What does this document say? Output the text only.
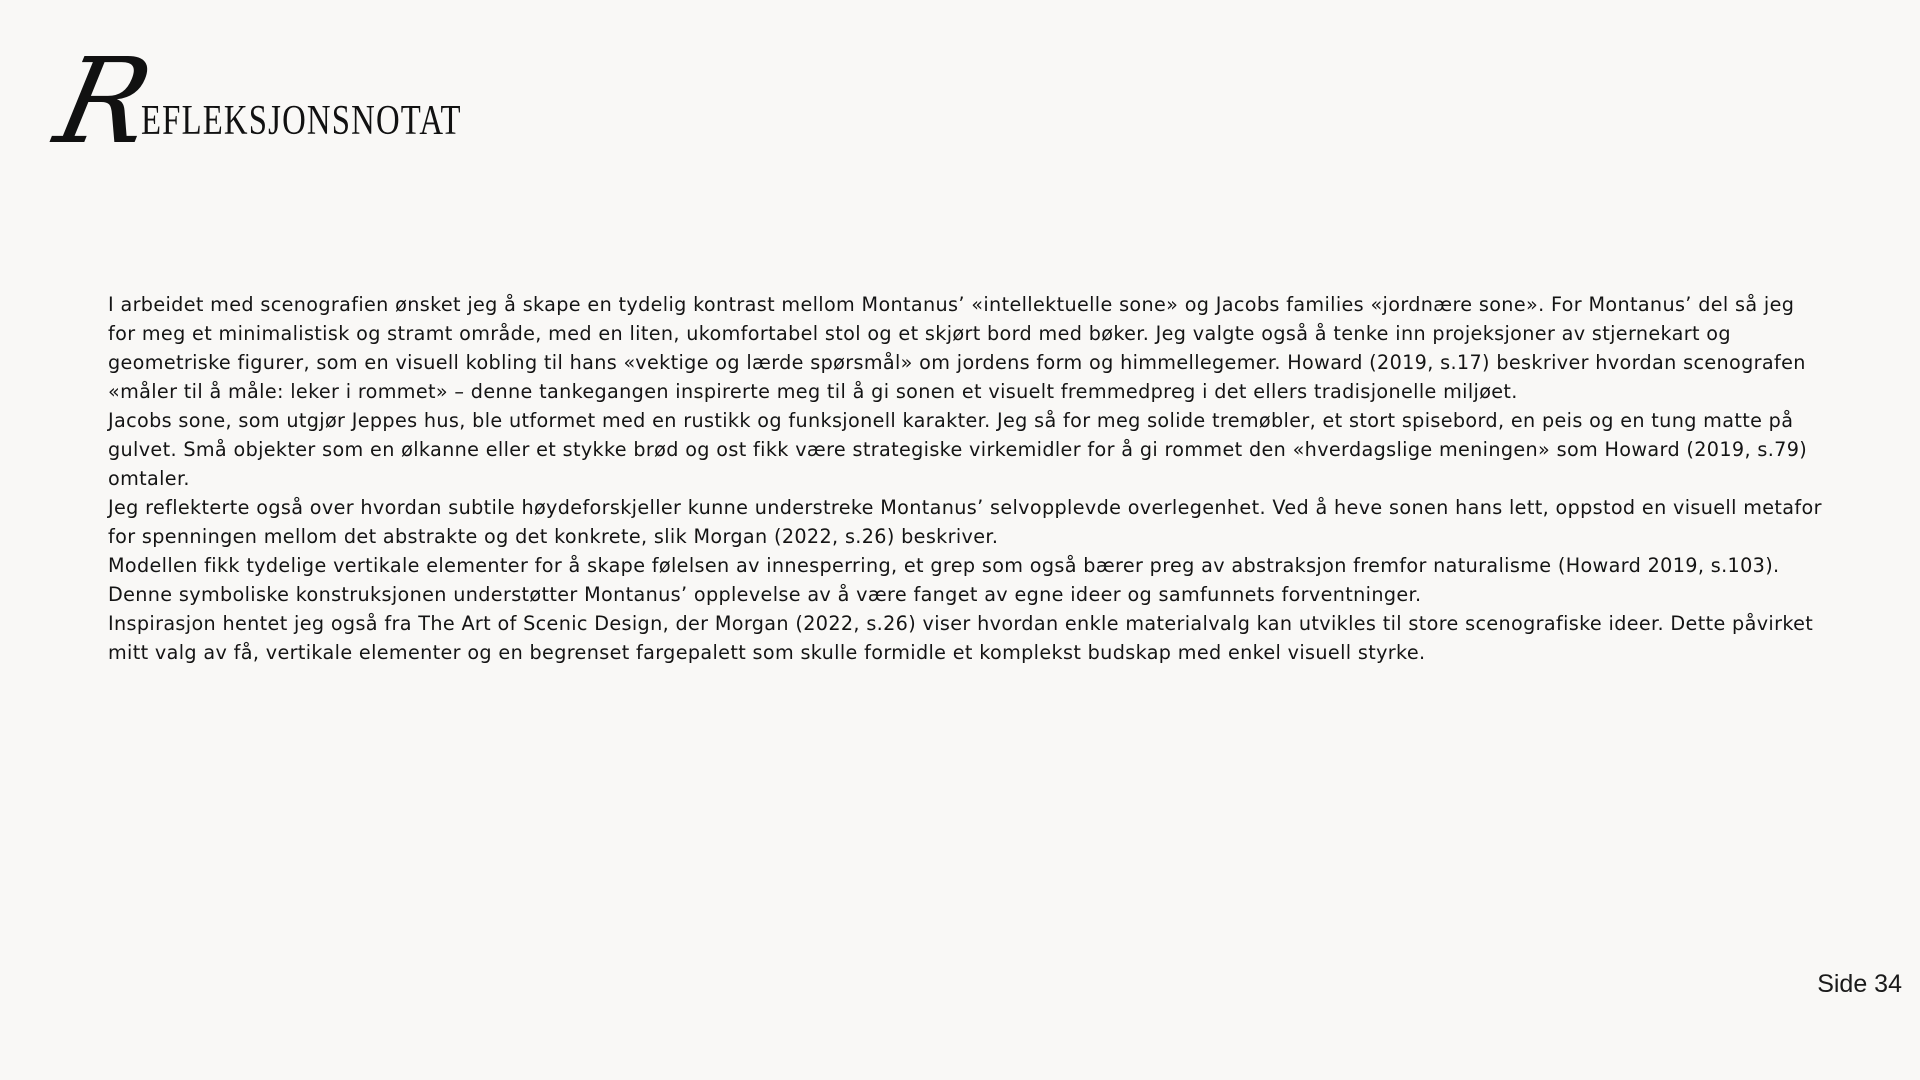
R
EFLEKSJONSNOTAT

I arbeidet med scenografien ønsket jeg å skape en tydelig kontrast mellom Montanus’ «intellektuelle sone» og Jacobs families «jordnære sone». For Montanus’ del så jeg for meg et minimalistisk og stramt område, med en liten, ukomfortabel stol og et skjørt bord med bøker. Jeg valgte også å tenke inn projeksjoner av stjernekart og geometriske figurer, som en visuell kobling til hans «vektige og lærde spørsmål» om jordens form og himmellegemer. Howard (2019, s.17) beskriver hvordan scenografen «måler til å måle: leker i rommet» – denne tankegangen inspirerte meg til å gi sonen et visuelt fremmedpreg i det ellers tradisjonelle miljøet.

Jacobs sone, som utgjør Jeppes hus, ble utformet med en rustikk og funksjonell karakter. Jeg så for meg solide tremøbler, et stort spisebord, en peis og en tung matte på gulvet. Små objekter som en ølkanne eller et stykke brød og ost fikk være strategiske virkemidler for å gi rommet den «hverdagslige meningen» som Howard (2019, s.79) omtaler.

Jeg reflekterte også over hvordan subtile høydeforskjeller kunne understreke Montanus’ selvopplevde overlegenhet. Ved å heve sonen hans lett, oppstod en visuell metafor for spenningen mellom det abstrakte og det konkrete, slik Morgan (2022, s.26) beskriver.

Modellen fikk tydelige vertikale elementer for å skape følelsen av innesperring, et grep som også bærer preg av abstraksjon fremfor naturalisme (Howard 2019, s.103). Denne symboliske konstruksjonen understøtter Montanus’ opplevelse av å være fanget av egne ideer og samfunnets forventninger.

Inspirasjon hentet jeg også fra The Art of Scenic Design, der Morgan (2022, s.26) viser hvordan enkle materialvalg kan utvikles til store scenografiske ideer. Dette påvirket mitt valg av få, vertikale elementer og en begrenset fargepalett som skulle formidle et komplekst budskap med enkel visuell styrke.

Side 34
